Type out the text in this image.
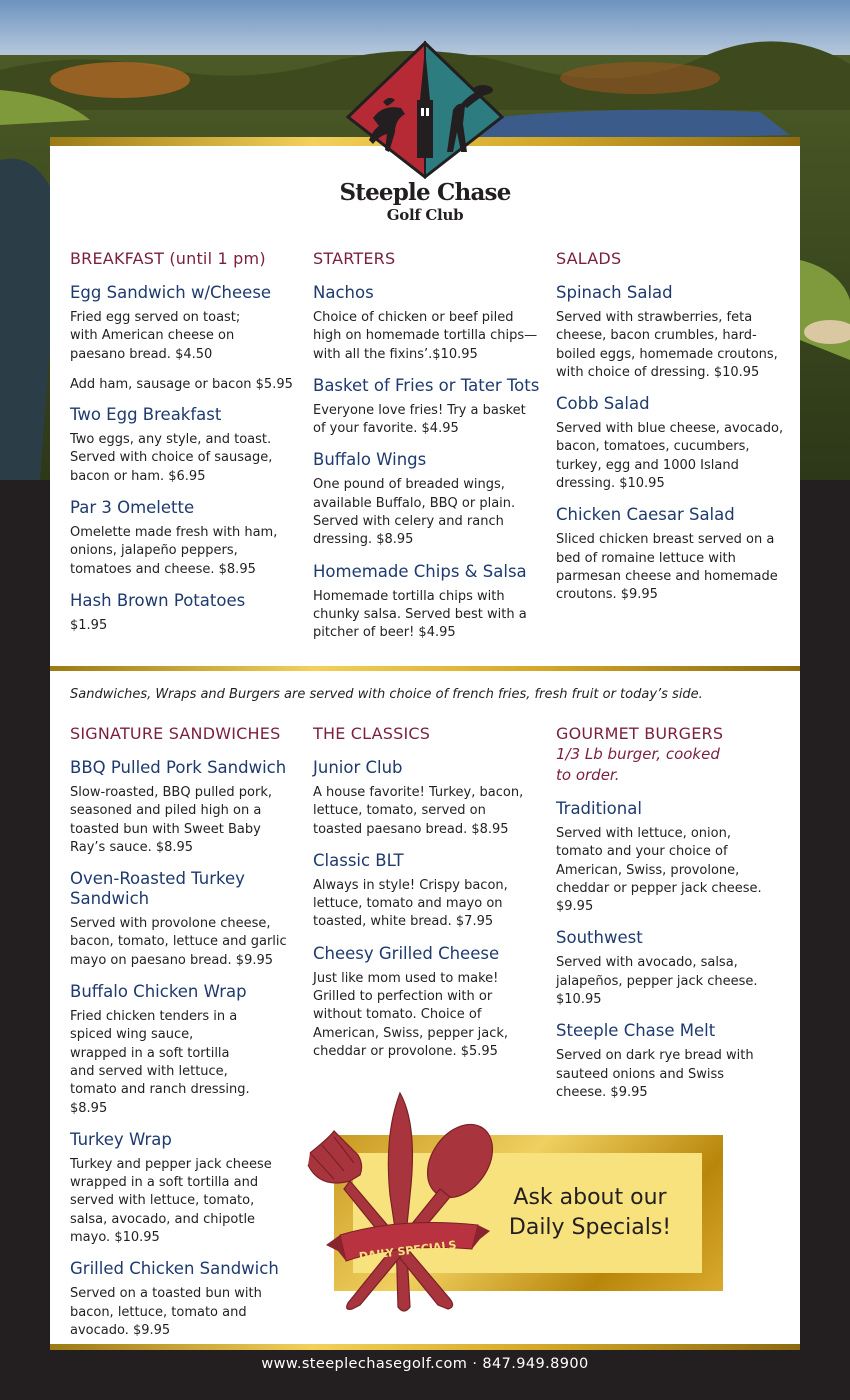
Steeple Chase
Golf Club

BREAKFAST (until 1 pm)

Egg Sandwich w/Cheese

Fried egg served on toast; with American cheese on paesano bread. $4.50

Add ham, sausage or bacon $5.95

Two Egg Breakfast

Two eggs, any style, and toast. Served with choice of sausage, bacon or ham. $6.95

Par 3 Omelette

Omelette made fresh with ham, onions, jalapeño peppers, tomatoes and cheese. $8.95

Hash Brown Potatoes

$1.95

STARTERS

Nachos

Choice of chicken or beef piled high on homemade tortilla chips—with all the fixins’.$10.95

Basket of Fries or Tater Tots

Everyone love fries! Try a basket of your favorite. $4.95

Buffalo Wings

One pound of breaded wings, available Buffalo, BBQ or plain. Served with celery and ranch dressing. $8.95

Homemade Chips & Salsa

Homemade tortilla chips with chunky salsa. Served best with a pitcher of beer! $4.95

SALADS

Spinach Salad

Served with strawberries, feta cheese, bacon crumbles, hard-boiled eggs, homemade croutons, with choice of dressing. $10.95

Cobb Salad

Served with blue cheese, avocado, bacon, tomatoes, cucumbers, turkey, egg and 1000 Island dressing. $10.95

Chicken Caesar Salad

Sliced chicken breast served on a bed of romaine lettuce with parmesan cheese and homemade croutons. $9.95

Sandwiches, Wraps and Burgers are served with choice of french fries, fresh fruit or today’s side.

SIGNATURE SANDWICHES

BBQ Pulled Pork Sandwich

Slow-roasted, BBQ pulled pork, seasoned and piled high on a toasted bun with Sweet Baby Ray’s sauce. $8.95

Oven-Roasted Turkey Sandwich

Served with provolone cheese, bacon, tomato, lettuce and garlic mayo on paesano bread. $9.95

Buffalo Chicken Wrap

Fried chicken tenders in a spiced wing sauce, wrapped in a soft tortilla and served with lettuce, tomato and ranch dressing. $8.95

Turkey Wrap

Turkey and pepper jack cheese wrapped in a soft tortilla and served with lettuce, tomato, salsa, avocado, and chipotle mayo. $10.95

Grilled Chicken Sandwich

Served on a toasted bun with bacon, lettuce, tomato and avocado. $9.95

THE CLASSICS

Junior Club

A house favorite! Turkey, bacon, lettuce, tomato, served on toasted paesano bread. $8.95

Classic BLT

Always in style! Crispy bacon, lettuce, tomato and mayo on toasted, white bread. $7.95

Cheesy Grilled Cheese

Just like mom used to make! Grilled to perfection with or without tomato. Choice of American, Swiss, pepper jack, cheddar or provolone. $5.95

GOURMET BURGERS

1/3 Lb burger, cooked

to order.

Traditional

Served with lettuce, onion, tomato and your choice of American, Swiss, provolone, cheddar or pepper jack cheese. $9.95

Southwest

Served with avocado, salsa, jalapeños, pepper jack cheese. $10.95

Steeple Chase Melt

Served on dark rye bread with sauteed onions and Swiss cheese. $9.95

DAILY SPECIALS
Ask about our
Daily Specials!
www.steeplechasegolf.com · 847.949.8900
